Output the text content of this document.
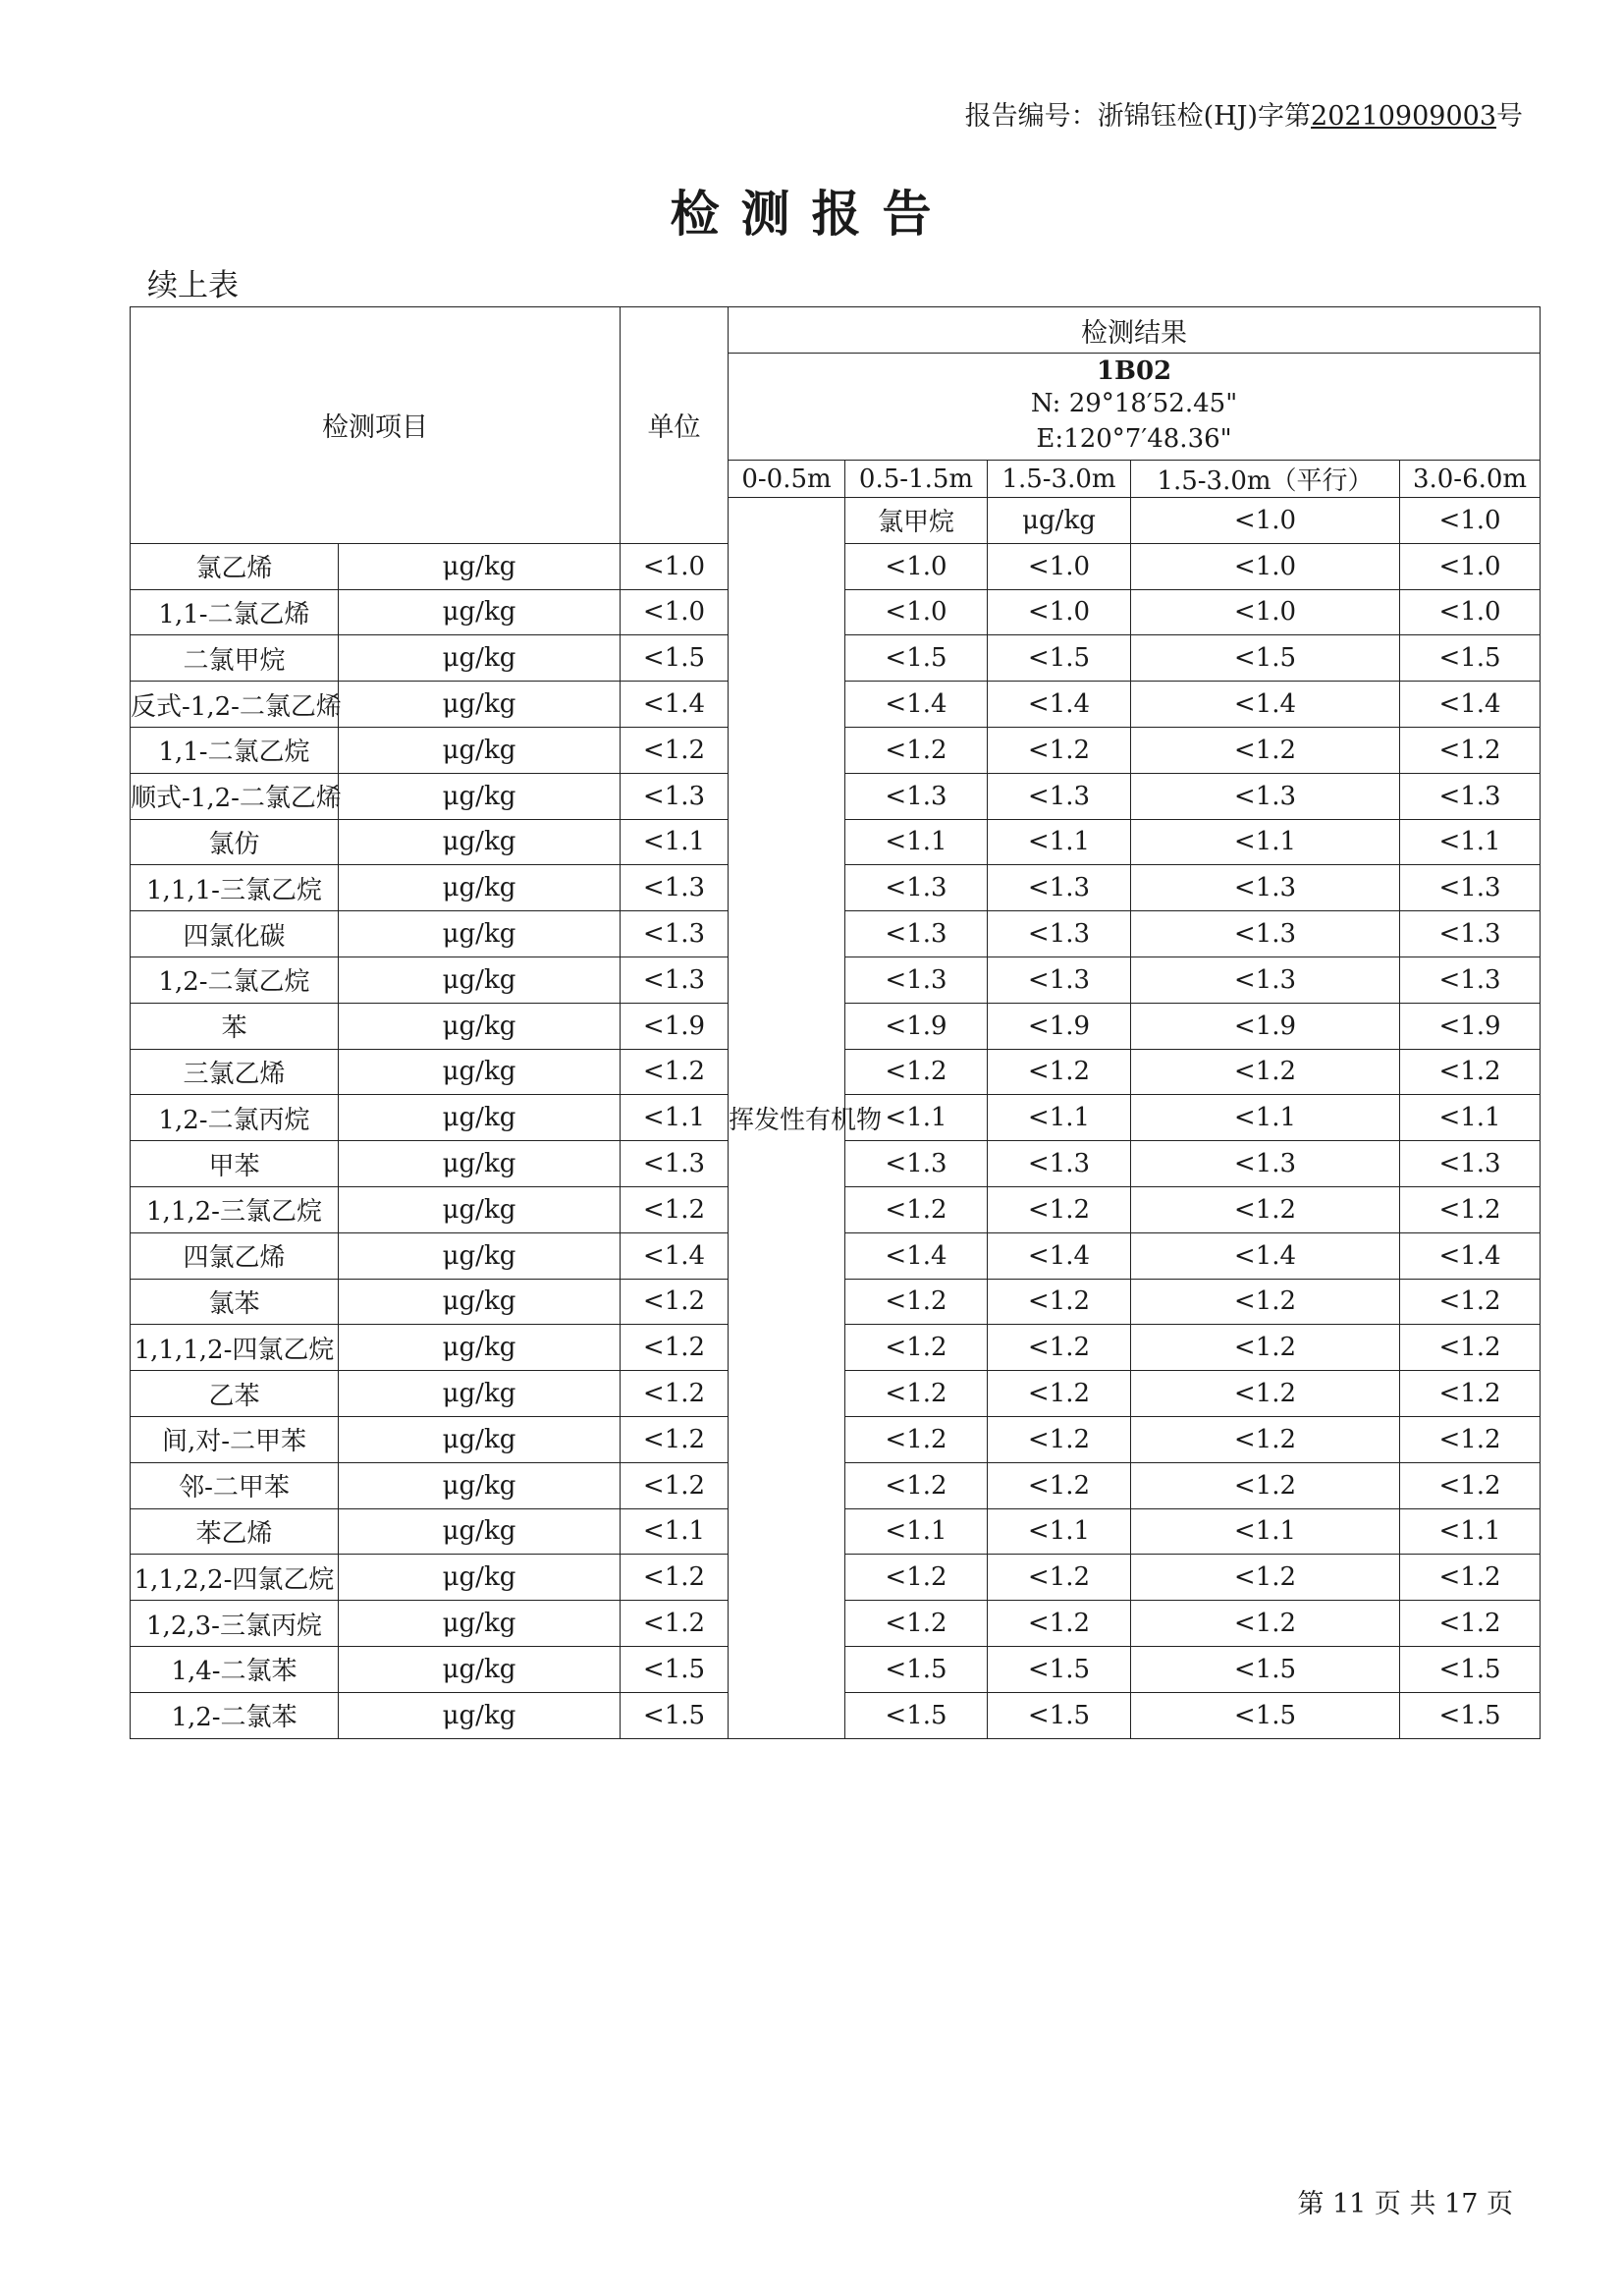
报告编号：浙锦钰检(HJ)字第20210909003号
检测报告
续上表
检测项目		单位	检测结果					

			1B02
N: 29°18′52.45"
E:120°7′48.36"					

			0-0.5m	0.5-1.5m	1.5-3.0m	1.5-3.0m（平行）	3.0-6.0m	
			挥发性有机物	氯甲烷	μg/kg	<1.0	<1.0			
氯乙烯	μg/kg	<1.0		<1.0	<1.0	<1.0	<1.0	
1,1-二氯乙烯	μg/kg	<1.0		<1.0	<1.0	<1.0	<1.0	
二氯甲烷	μg/kg	<1.5		<1.5	<1.5	<1.5	<1.5	
反式-1,2-二氯乙烯	μg/kg	<1.4		<1.4	<1.4	<1.4	<1.4	
1,1-二氯乙烷	μg/kg	<1.2		<1.2	<1.2	<1.2	<1.2	
顺式-1,2-二氯乙烯	μg/kg	<1.3		<1.3	<1.3	<1.3	<1.3	
氯仿	μg/kg	<1.1		<1.1	<1.1	<1.1	<1.1	
1,1,1-三氯乙烷	μg/kg	<1.3		<1.3	<1.3	<1.3	<1.3	
四氯化碳	μg/kg	<1.3		<1.3	<1.3	<1.3	<1.3	
1,2-二氯乙烷	μg/kg	<1.3		<1.3	<1.3	<1.3	<1.3	
苯	μg/kg	<1.9		<1.9	<1.9	<1.9	<1.9	
三氯乙烯	μg/kg	<1.2		<1.2	<1.2	<1.2	<1.2	
1,2-二氯丙烷	μg/kg	<1.1		<1.1	<1.1	<1.1	<1.1	
甲苯	μg/kg	<1.3		<1.3	<1.3	<1.3	<1.3	
1,1,2-三氯乙烷	μg/kg	<1.2		<1.2	<1.2	<1.2	<1.2	
四氯乙烯	μg/kg	<1.4		<1.4	<1.4	<1.4	<1.4	
氯苯	μg/kg	<1.2		<1.2	<1.2	<1.2	<1.2	
1,1,1,2-四氯乙烷	μg/kg	<1.2		<1.2	<1.2	<1.2	<1.2	
乙苯	μg/kg	<1.2		<1.2	<1.2	<1.2	<1.2	
间,对-二甲苯	μg/kg	<1.2		<1.2	<1.2	<1.2	<1.2	
邻-二甲苯	μg/kg	<1.2		<1.2	<1.2	<1.2	<1.2	
苯乙烯	μg/kg	<1.1		<1.1	<1.1	<1.1	<1.1	
1,1,2,2-四氯乙烷	μg/kg	<1.2		<1.2	<1.2	<1.2	<1.2	
1,2,3-三氯丙烷	μg/kg	<1.2		<1.2	<1.2	<1.2	<1.2	
1,4-二氯苯	μg/kg	<1.5		<1.5	<1.5	<1.5	<1.5	
1,2-二氯苯	μg/kg	<1.5		<1.5	<1.5	<1.5	<1.5	
第 11 页 共 17 页
